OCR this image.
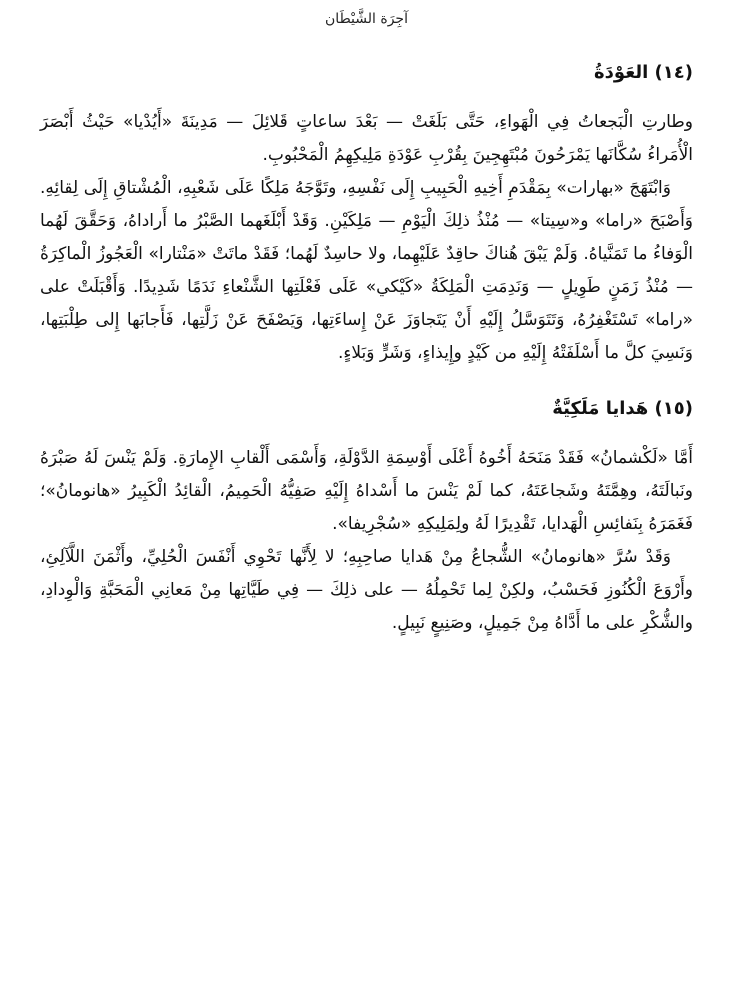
آجِرَة الشَّيْطَان
(١٤) العَوْدَةُ

وطارتِ الْبَجعاتُ فِي الْهَواءِ، حَتَّى بَلَغَتْ — بَعْدَ ساعاتٍ قَلائِلَ — مَدِينَةَ «أَيُدْيا» حَيْثُ أَبْصَرَ الْأُمَراءُ سُكَّانَها يَمْرَحُونَ مُبْتَهِجِينَ بِقُرْبِ عَوْدَةِ مَلِيكِهِمُ الْمَحْبُوبِ.

وَابْتَهَجَ «بهارات» بِمَقْدَمِ أَخِيهِ الْحَبِيبِ إِلَى نَفْسِهِ، وتَوَّجَهُ مَلِكًا عَلَى شَعْبِهِ، الْمُشْتاقِ إِلَى لِقائِهِ. وَأَصْبَحَ «راما» و«سِيتا» — مُنْذُ ذلِكَ الْيَوْمِ — مَلِكَيْنِ. وَقَدْ أَبْلَغَهما الصَّبْرُ ما أَراداهُ، وَحَقَّقَ لَهُما الْوَفاءُ ما تَمَنَّياهُ. وَلَمْ يَبْقَ هُناكَ حاقِدٌ عَلَيْهِما، ولا حاسِدٌ لَهُما؛ فَقَدْ ماتَتْ «مَنْتارا» الْعَجُوزُ الْماكِرَةُ — مُنْذُ زَمَنٍ طَوِيلٍ — وَنَدِمَتِ الْمَلِكَةُ «كَيْكي» عَلَى فَعْلَتِها الشَّنْعاءِ نَدَمًا شَدِيدًا. وَأَقْبَلَتْ على «راما» تَسْتَغْفِرُهُ، وَتَتَوَسَّلُ إِلَيْهِ أَنْ يَتَجاوَزَ عَنْ إِساءَتِها، وَيَصْفَحَ عَنْ زَلَّتِها، فَأَجابَها إِلى طِلْبَتِها، وَنَسِيَ كلَّ ما أَسْلَفَتْهُ إِلَيْهِ من كَيْدٍ وإِيذاءٍ، وَشَرٍّ وَبَلاءٍ.

(١٥) هَدايا مَلَكِيَّةٌ

أَمَّا «لَكْشمانُ» فَقَدْ مَنَحَهُ أَخُوهُ أَعْلَى أَوْسِمَةِ الدَّوْلَةِ، وَأَسْمَى أَلْقابِ الإِمارَةِ. وَلَمْ يَنْسَ لَهُ صَبْرَهُ ونَبالَتَهُ، وهِمَّتَهُ وشَجاعَتَهُ، كما لَمْ يَنْسَ ما أَسْداهُ إِلَيْهِ صَفِيُّهُ الْحَمِيمُ، الْقائِدُ الْكَبِيرُ «هانومانُ»؛ فَغَمَرَهُ بِنَفائِسِ الْهَدايا، تَقْدِيرًا لَهُ ولِمَلِيكِهِ «سُجْرِيفا».

وَقَدْ سُرَّ «هانومانُ» الشُّجاعُ مِنْ هَدايا صاحِبِهِ؛ لا لِأَنَّها تَحْوِي أَنْفَسَ الْحُلِيِّ، وأَثْمَنَ اللَّآلِئِ، وأَرْوَعَ الْكُنُوزِ فَحَسْبُ، ولكِنْ لِما تَحْمِلُهُ — على ذلِكَ — فِي طَيَّاتِها مِنْ مَعانِي الْمَحَبَّةِ وَالْوِدادِ، والشُّكْرِ على ما أَدَّاهُ مِنْ جَمِيلٍ، وصَنِيعٍ نَبِيلٍ.
